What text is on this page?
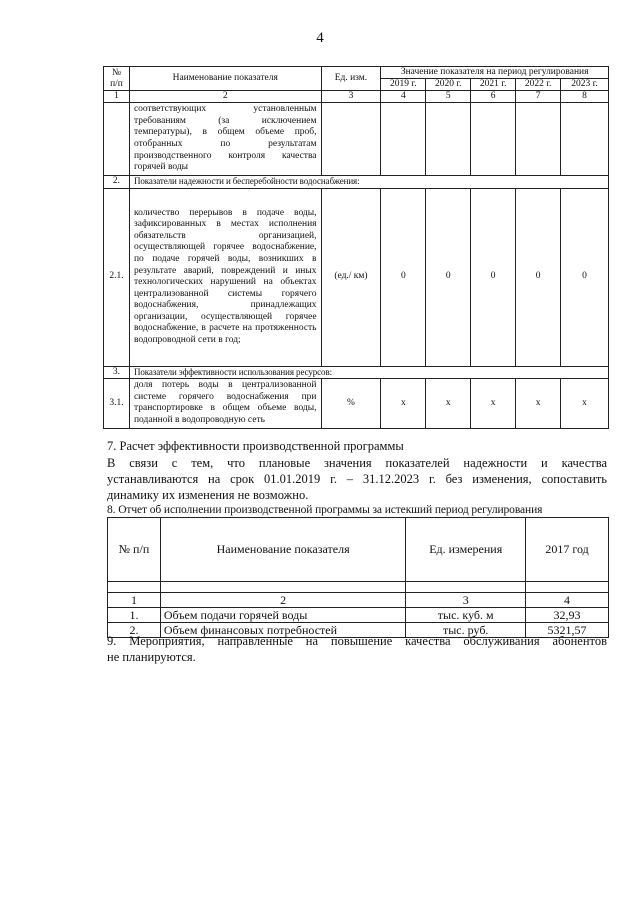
4
№ п/п	Наименование показателя	Ед. изм.	Значение показателя на период регулирования				
			2019 г.	2020 г.	2021 г.	2022 г.	2023 г.
1	2	3	4	5	6	7	8
	соответствующих установленным требованиям (за исключением температуры), в общем объеме проб, отобранных по результатам производственного контроля качества горячей воды						
2.	Показатели надежности и бесперебойности водоснабжения:						
2.1.	количество перерывов в подаче воды, зафиксированных в местах исполнения обязательств организацией, осуществляющей горячее водоснабжение, по подаче горячей воды, возникших в результате аварий, повреждений и иных технологических нарушений на объектах централизованной системы горячего водоснабжения, принадлежащих организации, осуществляющей горячее водоснабжение, в расчете на протяженность водопроводной сети в год;	(ед./ км)	0	0	0	0	0
3.	Показатели эффективности использования ресурсов:						
3.1.	доля потерь воды в централизованной системе горячего водоснабжения при транспортировке в общем объеме воды, поданной в водопроводную сеть	%	х	х	х	х	х
7. Расчет эффективности производственной программы
В связи с тем, что плановые значения показателей надежности и качества
устанавливаются на срок 01.01.2019 г. – 31.12.2023 г. без изменения, сопоставить
динамику их изменения не возможно.
8. Отчет об исполнении производственной программы за истекший период регулирования
№ п/п	Наименование показателя	Ед. измерения	2017 год

1	2	3	4
1.	Объем подачи горячей воды	тыс. куб. м	32,93
2.	Объем финансовых потребностей	тыс. руб.	5321,57
9. Мероприятия, направленные на повышение качества обслуживания абонентов
не планируются.
